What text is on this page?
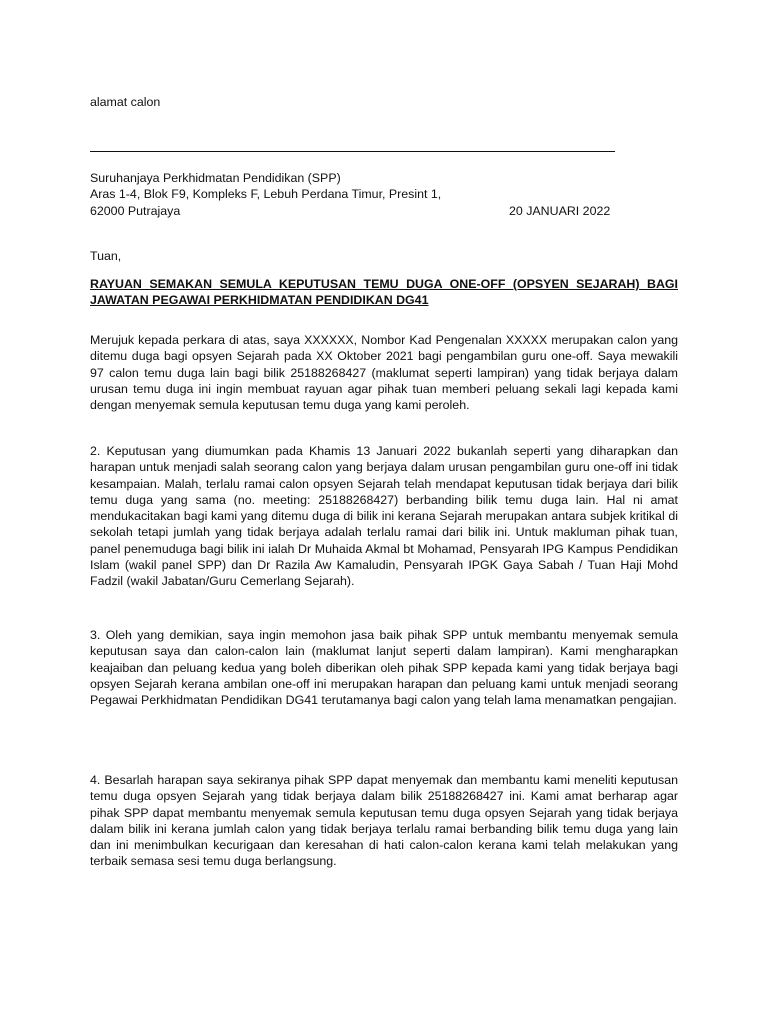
alamat calon
Suruhanjaya Perkhidmatan Pendidikan (SPP)
Aras 1-4, Blok F9, Kompleks F, Lebuh Perdana Timur, Presint 1,
62000 Putrajaya	20 JANUARI 2022
Tuan,
RAYUAN SEMAKAN SEMULA KEPUTUSAN TEMU DUGA ONE-OFF (OPSYEN SEJARAH) BAGI JAWATAN PEGAWAI PERKHIDMATAN PENDIDIKAN DG41

Merujuk kepada perkara di atas, saya XXXXXX, Nombor Kad Pengenalan XXXXX merupakan calon yang ditemu duga bagi opsyen Sejarah pada XX Oktober 2021 bagi pengambilan guru one-off. Saya mewakili 97 calon temu duga lain bagi bilik 25188268427 (maklumat seperti lampiran) yang tidak berjaya dalam urusan temu duga ini ingin membuat rayuan agar pihak tuan memberi peluang sekali lagi kepada kami dengan menyemak semula keputusan temu duga yang kami peroleh.

2. Keputusan yang diumumkan pada Khamis 13 Januari 2022 bukanlah seperti yang diharapkan dan harapan untuk menjadi salah seorang calon yang berjaya dalam urusan pengambilan guru one-off ini tidak kesampaian. Malah, terlalu ramai calon opsyen Sejarah telah mendapat keputusan tidak berjaya dari bilik temu duga yang sama (no. meeting: 25188268427) berbanding bilik temu duga lain. Hal ni amat mendukacitakan bagi kami yang ditemu duga di bilik ini kerana Sejarah merupakan antara subjek kritikal di sekolah tetapi jumlah yang tidak berjaya adalah terlalu ramai dari bilik ini. Untuk makluman pihak tuan, panel penemuduga bagi bilik ini ialah Dr Muhaida Akmal bt Mohamad, Pensyarah IPG Kampus Pendidikan Islam (wakil panel SPP) dan Dr Razila Aw Kamaludin, Pensyarah IPGK Gaya Sabah / Tuan Haji Mohd Fadzil (wakil Jabatan/Guru Cemerlang Sejarah).

3. Oleh yang demikian, saya ingin memohon jasa baik pihak SPP untuk membantu menyemak semula keputusan saya dan calon-calon lain (maklumat lanjut seperti dalam lampiran). Kami mengharapkan keajaiban dan peluang kedua yang boleh diberikan oleh pihak SPP kepada kami yang tidak berjaya bagi opsyen Sejarah kerana ambilan one-off ini merupakan harapan dan peluang kami untuk menjadi seorang Pegawai Perkhidmatan Pendidikan DG41 terutamanya bagi calon yang telah lama menamatkan pengajian.

4. Besarlah harapan saya sekiranya pihak SPP dapat menyemak dan membantu kami meneliti keputusan temu duga opsyen Sejarah yang tidak berjaya dalam bilik 25188268427 ini. Kami amat berharap agar pihak SPP dapat membantu menyemak semula keputusan temu duga opsyen Sejarah yang tidak berjaya dalam bilik ini kerana jumlah calon yang tidak berjaya terlalu ramai berbanding bilik temu duga yang lain dan ini menimbulkan kecurigaan dan keresahan di hati calon-calon kerana kami telah melakukan yang terbaik semasa sesi temu duga berlangsung.
